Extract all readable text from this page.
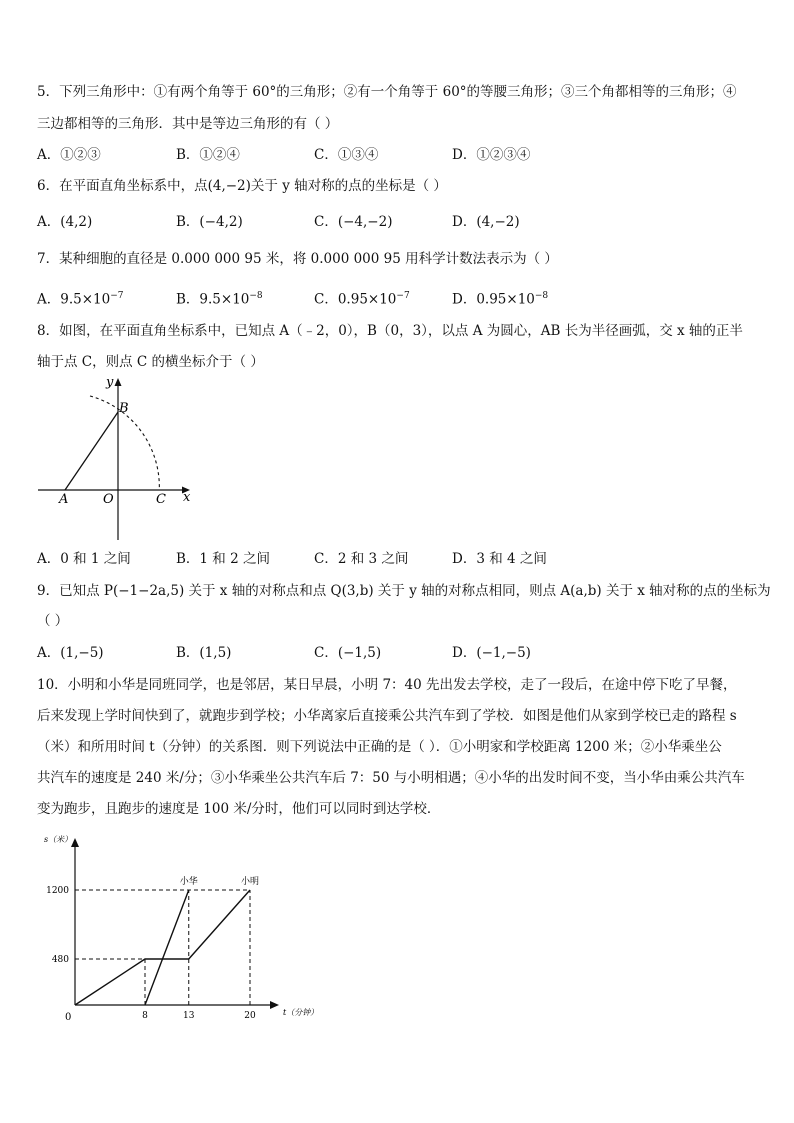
5．下列三角形中：①有两个角等于 60°的三角形；②有一个角等于 60°的等腰三角形；③三个角都相等的三角形；④
三边都相等的三角形．其中是等边三角形的有（ ）
A．①②③	B．①②④	C．①③④	D．①②③④
6．在平面直角坐标系中，点(4,−2)关于 y 轴对称的点的坐标是（ ）
A．(4,2)	B．(−4,2)	C．(−4,−2)	D．(4,−2)
7．某种细胞的直径是 0.000 000 95 米，将 0.000 000 95 用科学计数法表示为（ ）
A．$9.5\times 10^{-7}$	B．$9.5\times 10^{-8}$	C．$0.95\times 10^{-7}$	D．$0.95\times 10^{-8}$
8．如图，在平面直角坐标系中，已知点 A（﹣2，0），B（0，3），以点 A 为圆心，AB 长为半径画弧，交 x 轴的正半
轴于点 C，则点 C 的横坐标介于（ ）
y
B
A	O	C x
A．0 和 1 之间	B．1 和 2 之间	C．2 和 3 之间	D．3 和 4 之间
9．已知点 P(−1−2a,5) 关于 x 轴的对称点和点 Q(3,b) 关于 y 轴的对称点相同，则点 A(a,b) 关于 x 轴对称的点的坐标为
（ ）
A．(1,−5)	B．(1,5)	C．(−1,5)	D．(−1,−5)
10．小明和小华是同班同学，也是邻居，某日早晨，小明 7：40 先出发去学校，走了一段后，在途中停下吃了早餐，
后来发现上学时间快到了，就跑步到学校；小华离家后直接乘公共汽车到了学校．如图是他们从家到学校已走的路程 s
（米）和所用时间 t（分钟）的关系图．则下列说法中正确的是（ ）．①小明家和学校距离 1200 米；②小华乘坐公
共汽车的速度是 240 米/分；③小华乘坐公共汽车后 7：50 与小明相遇；④小华的出发时间不变，当小华由乘公共汽车
变为跑步，且跑步的速度是 100 米/分时，他们可以同时到达学校．
s（米）
t（分钟）
0
480
1200
8	13	20
小明
小华
